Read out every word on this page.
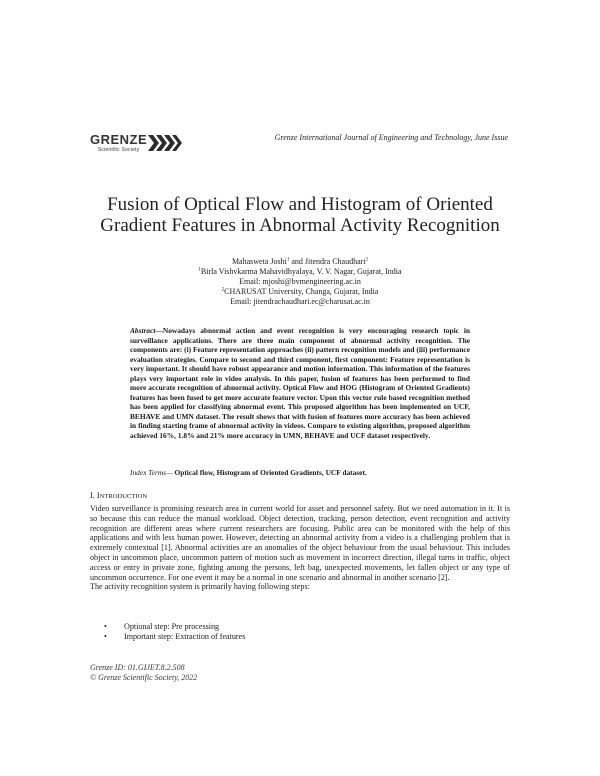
GRENZE
Scientific Society
Grenze International Journal of Engineering and Technology, June Issue
Fusion of Optical Flow and Histogram of Oriented
Gradient Features in Abnormal Activity Recognition
Mahasweta Joshi$^1$ and Jitendra Chaudhari$^2$
$^1$Birla Vishvkarma Mahavidhyalaya, V. V. Nagar, Gujarat, India
Email: mjoshi@bvmengineering.ac.in
$^2$CHARUSAT University, Changa, Gujarat, India
Email: jitendrachaudhari.ec@charusat.ac.in
Abstract—Nowadays abnormal action and event recognition is very encouraging research topic in surveillance applications. There are three main component of abnormal activity recognition. The components are: (i) Feature representation approaches (ii) pattern recognition models and (iii) performance evaluation strategies. Compare to second and third component, first component: Feature representation is very important. It should have robust appearance and motion information. This information of the features plays very important role in video analysis. In this paper, fusion of features has been performed to find more accurate recognition of abnormal activity. Optical Flow and HOG (Histogram of Oriented Gradients) features has been fused to get more accurate feature vector. Upon this vector rule based recognition method has been applied for classifying abnormal event. This proposed algorithm has been implemented on UCF, BEHAVE and UMN dataset. The result shows that with fusion of features more accuracy has been achieved in finding starting frame of abnormal activity in videos. Compare to existing algorithm, proposed algorithm achieved 16%, 1.8% and 21% more accuracy in UMN, BEHAVE and UCF dataset respectively.
Index Terms— Optical flow, Histogram of Oriented Gradients, UCF dataset.
I. INTRODUCTION

Video surveillance is promising research area in current world for asset and personnel safety. But we need automation in it. It is so because this can reduce the manual workload. Object detection, tracking, person detection, event recognition and activity recognition are different areas where current researchers are focusing. Public area can be monitored with the help of this applications and with less human power. However, detecting an abnormal activity from a video is a challenging problem that is extremely contextual [1]. Abnormal activities are an anomalies of the object behaviour from the usual behaviour. This includes object in uncommon place, uncommon pattern of motion such as movement in incorrect direction, illegal turns in traffic, object access or entry in private zone, fighting among the persons, left bag, unexpected movements, let fallen object or any type of uncommon occurrence. For one event it may be a normal in one scenario and abnormal in another scenario [2].

The activity recognition system is primarily having following steps:

•	Optional step: Pre processing
•	Important step: Extraction of features
Grenze ID: 01.GIJET.8.2.508
© Grenze Scientific Society, 2022
